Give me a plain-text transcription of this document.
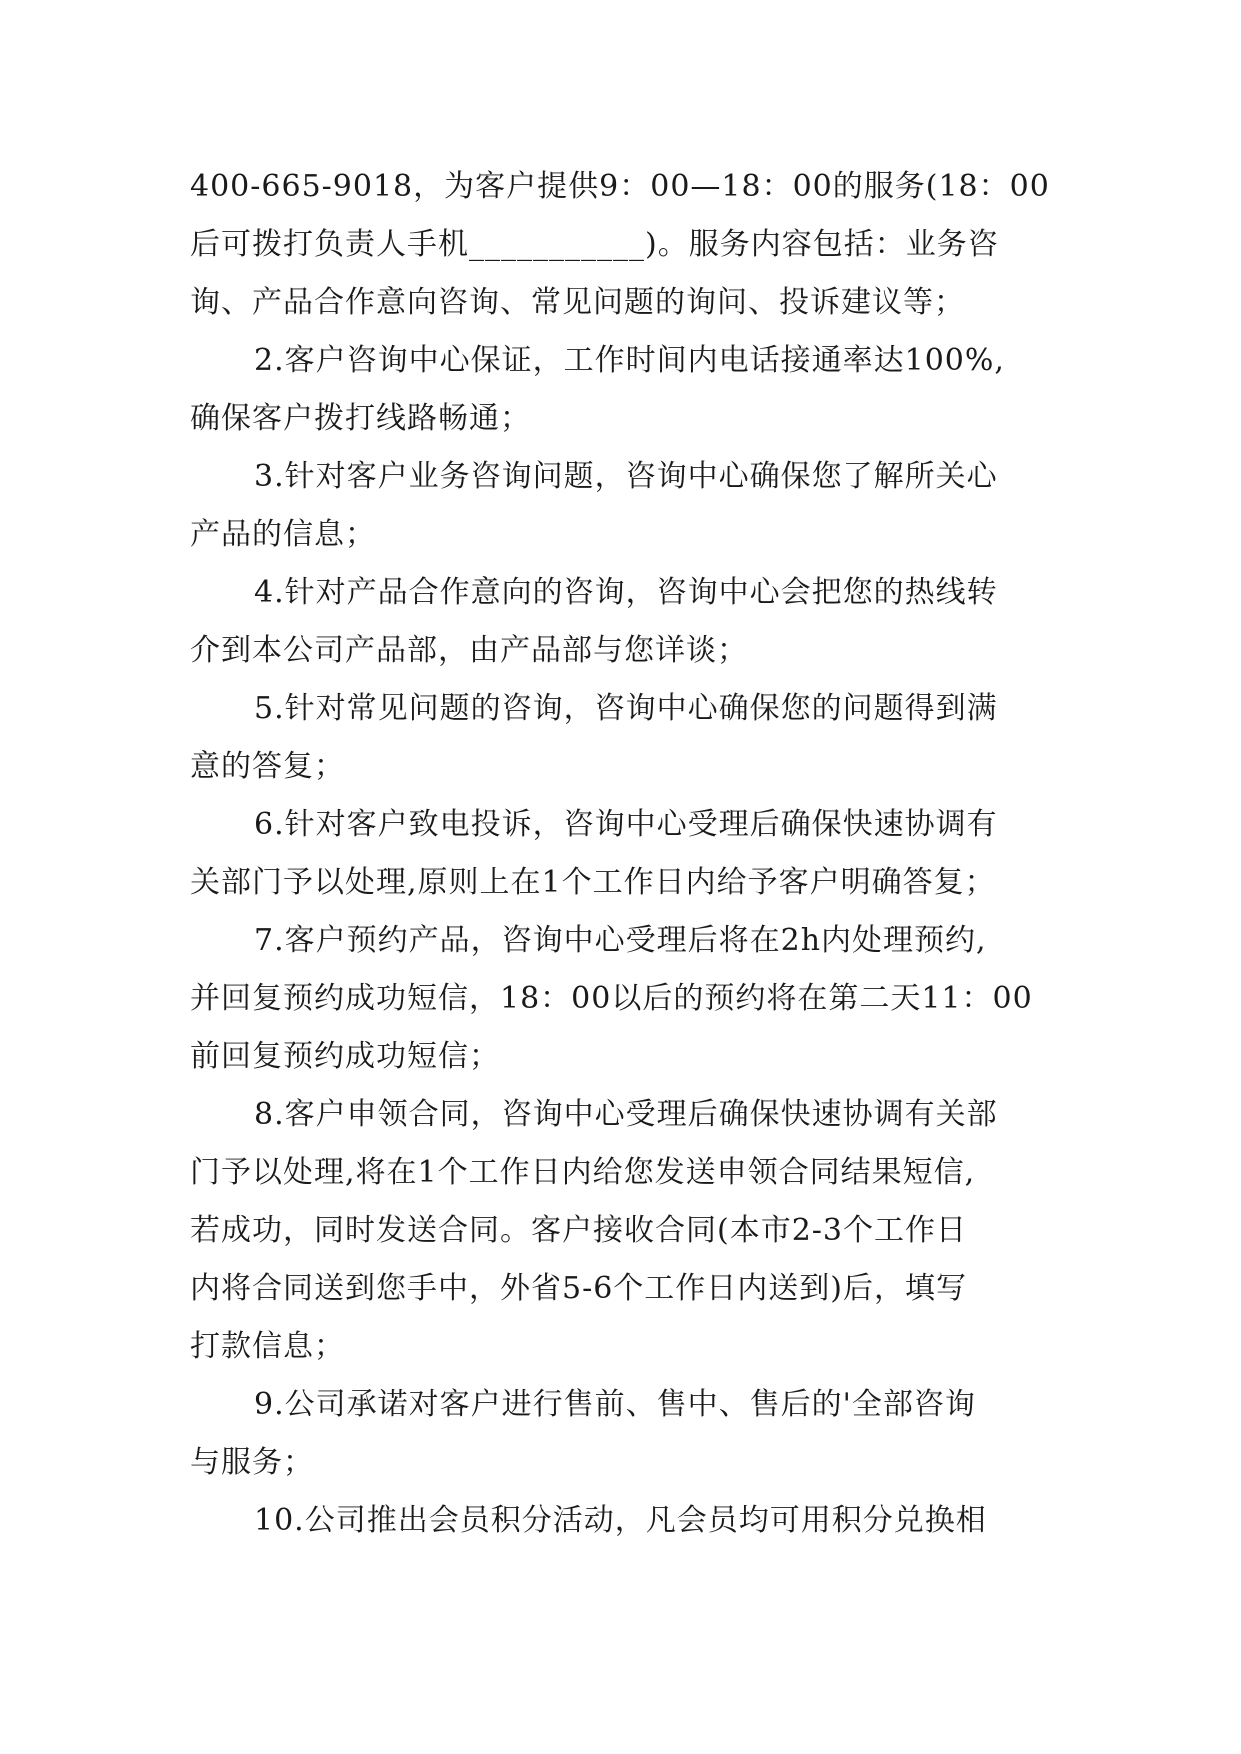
400-665-9018，为客户提供9：00—18：00的服务(18：00
后可拨打负责人手机___________)。服务内容包括：业务咨
询、产品合作意向咨询、常见问题的询问、投诉建议等；
2.客户咨询中心保证，工作时间内电话接通率达100%,
确保客户拨打线路畅通；
3.针对客户业务咨询问题，咨询中心确保您了解所关心
产品的信息；
4.针对产品合作意向的咨询，咨询中心会把您的热线转
介到本公司产品部，由产品部与您详谈；
5.针对常见问题的咨询，咨询中心确保您的问题得到满
意的答复；
6.针对客户致电投诉，咨询中心受理后确保快速协调有
关部门予以处理,原则上在1个工作日内给予客户明确答复；
7.客户预约产品，咨询中心受理后将在2h内处理预约,
并回复预约成功短信，18：00以后的预约将在第二天11：00
前回复预约成功短信；
8.客户申领合同，咨询中心受理后确保快速协调有关部
门予以处理,将在1个工作日内给您发送申领合同结果短信,
若成功，同时发送合同。客户接收合同(本市2-3个工作日
内将合同送到您手中，外省5-6个工作日内送到)后，填写
打款信息；
9.公司承诺对客户进行售前、售中、售后的'全部咨询
与服务；
10.公司推出会员积分活动，凡会员均可用积分兑换相
